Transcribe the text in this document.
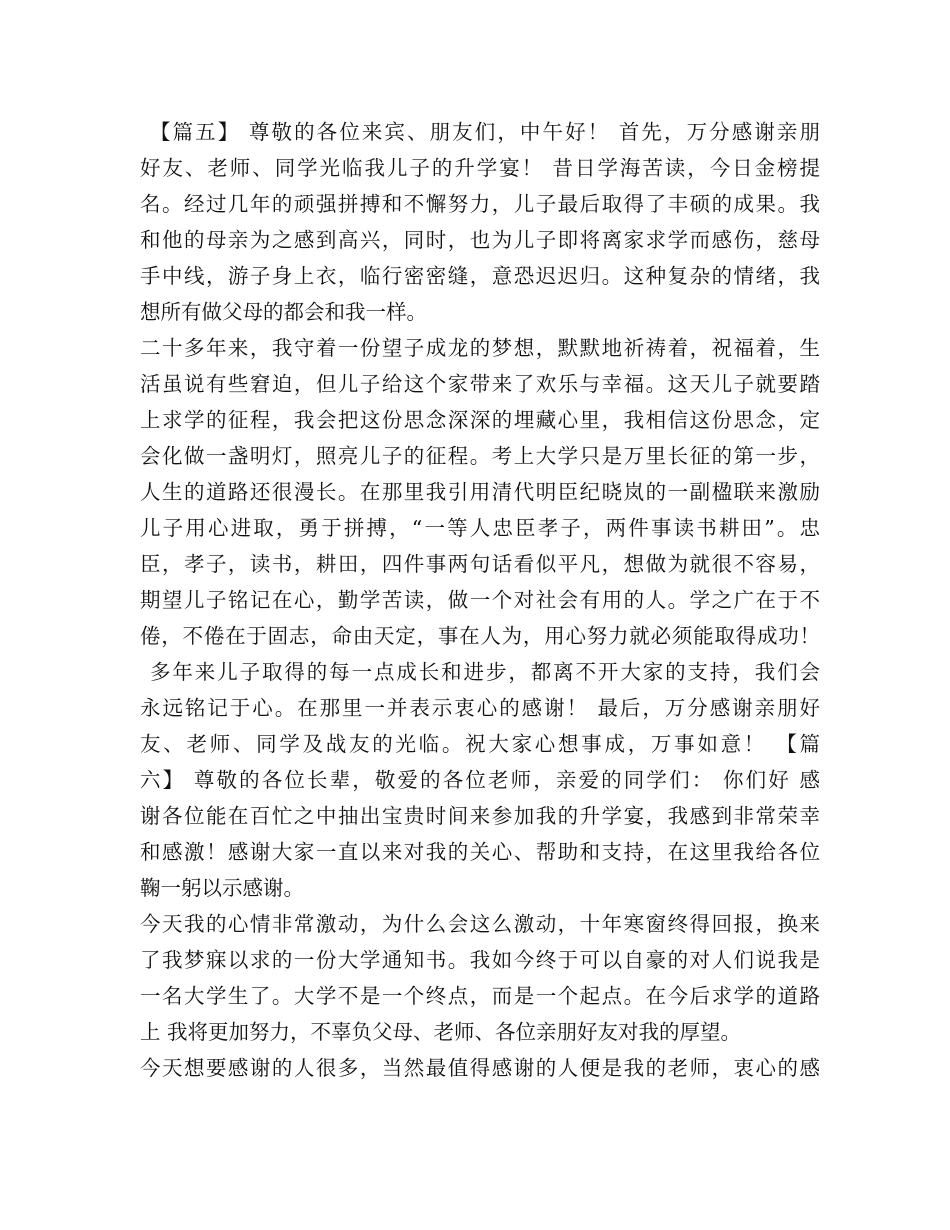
【篇五】 尊敬的各位来宾、朋友们，中午好！ 首先，万分感谢亲朋
好友、老师、同学光临我儿子的升学宴！ 昔日学海苦读，今日金榜提
名。经过几年的顽强拼搏和不懈努力，儿子最后取得了丰硕的成果。我
和他的母亲为之感到高兴，同时，也为儿子即将离家求学而感伤，慈母
手中线，游子身上衣，临行密密缝，意恐迟迟归。这种复杂的情绪，我
想所有做父母的都会和我一样。
二十多年来，我守着一份望子成龙的梦想，默默地祈祷着，祝福着，生
活虽说有些窘迫，但儿子给这个家带来了欢乐与幸福。这天儿子就要踏
上求学的征程，我会把这份思念深深的埋藏心里，我相信这份思念，定
会化做一盏明灯，照亮儿子的征程。考上大学只是万里长征的第一步，
人生的道路还很漫长。在那里我引用清代明臣纪晓岚的一副楹联来激励
儿子用心进取，勇于拼搏，“一等人忠臣孝子，两件事读书耕田”。忠
臣，孝子，读书，耕田，四件事两句话看似平凡，想做为就很不容易，
期望儿子铭记在心，勤学苦读，做一个对社会有用的人。学之广在于不
倦，不倦在于固志，命由天定，事在人为，用心努力就必须能取得成功！
多年来儿子取得的每一点成长和进步，都离不开大家的支持，我们会
永远铭记于心。在那里一并表示衷心的感谢！ 最后，万分感谢亲朋好
友、老师、同学及战友的光临。祝大家心想事成，万事如意！ 【篇
六】 尊敬的各位长辈，敬爱的各位老师，亲爱的同学们： 你们好 感
谢各位能在百忙之中抽出宝贵时间来参加我的升学宴，我感到非常荣幸
和感激！感谢大家一直以来对我的关心、帮助和支持，在这里我给各位
鞠一躬以示感谢。
今天我的心情非常激动，为什么会这么激动，十年寒窗终得回报，换来
了我梦寐以求的一份大学通知书。我如今终于可以自豪的对人们说我是
一名大学生了。大学不是一个终点，而是一个起点。在今后求学的道路
上 我将更加努力，不辜负父母、老师、各位亲朋好友对我的厚望。
今天想要感谢的人很多，当然最值得感谢的人便是我的老师，衷心的感
